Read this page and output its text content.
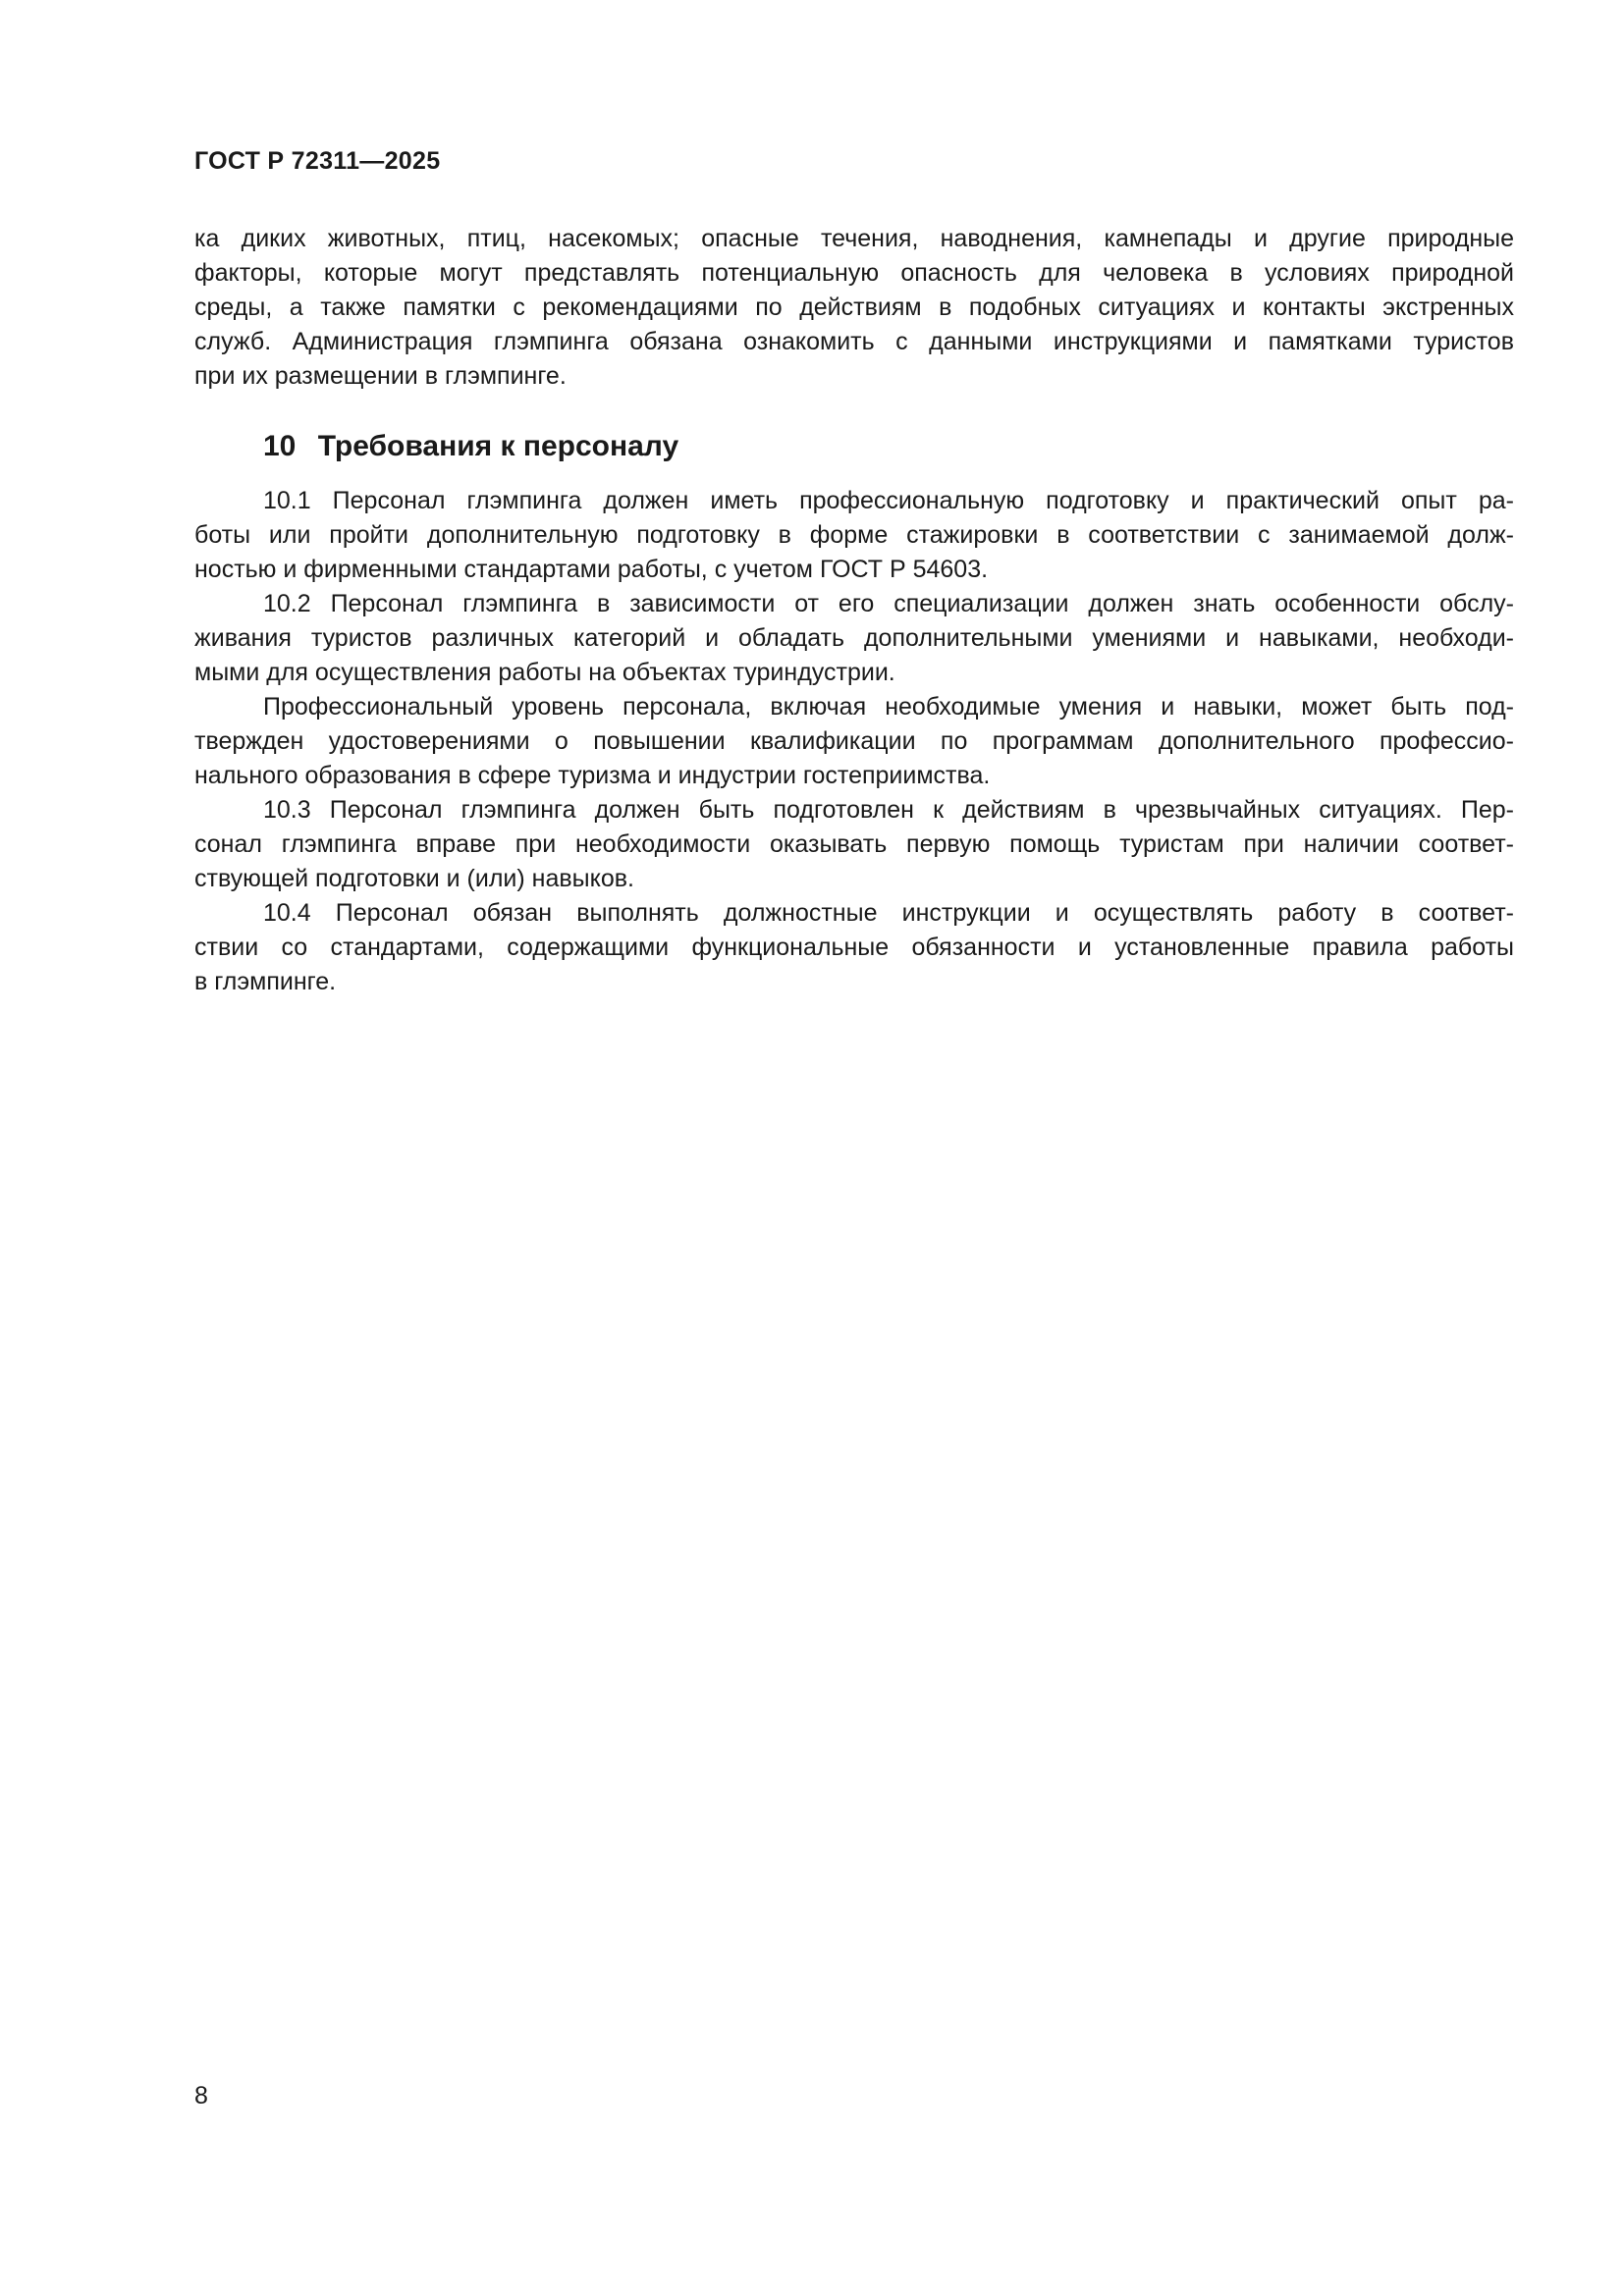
ГОСТ Р 72311—2025
ка диких животных, птиц, насекомых; опасные течения, наводнения, камнепады и другие природные
факторы, которые могут представлять потенциальную опасность для человека в условиях природной
среды, а также памятки с рекомендациями по действиям в подобных ситуациях и контакты экстренных
служб. Администрация глэмпинга обязана ознакомить с данными инструкциями и памятками туристов
при их размещении в глэмпинге.
10 Требования к персоналу
10.1 Персонал глэмпинга должен иметь профессиональную подготовку и практический опыт ра-
боты или пройти дополнительную подготовку в форме стажировки в соответствии с занимаемой долж-
ностью и фирменными стандартами работы, с учетом ГОСТ Р 54603.
10.2 Персонал глэмпинга в зависимости от его специализации должен знать особенности обслу-
живания туристов различных категорий и обладать дополнительными умениями и навыками, необходи-
мыми для осуществления работы на объектах туриндустрии.
Профессиональный уровень персонала, включая необходимые умения и навыки, может быть под-
твержден удостоверениями о повышении квалификации по программам дополнительного профессио-
нального образования в сфере туризма и индустрии гостеприимства.
10.3 Персонал глэмпинга должен быть подготовлен к действиям в чрезвычайных ситуациях. Пер-
сонал глэмпинга вправе при необходимости оказывать первую помощь туристам при наличии соответ-
ствующей подготовки и (или) навыков.
10.4 Персонал обязан выполнять должностные инструкции и осуществлять работу в соответ-
ствии со стандартами, содержащими функциональные обязанности и установленные правила работы
в глэмпинге.
8
